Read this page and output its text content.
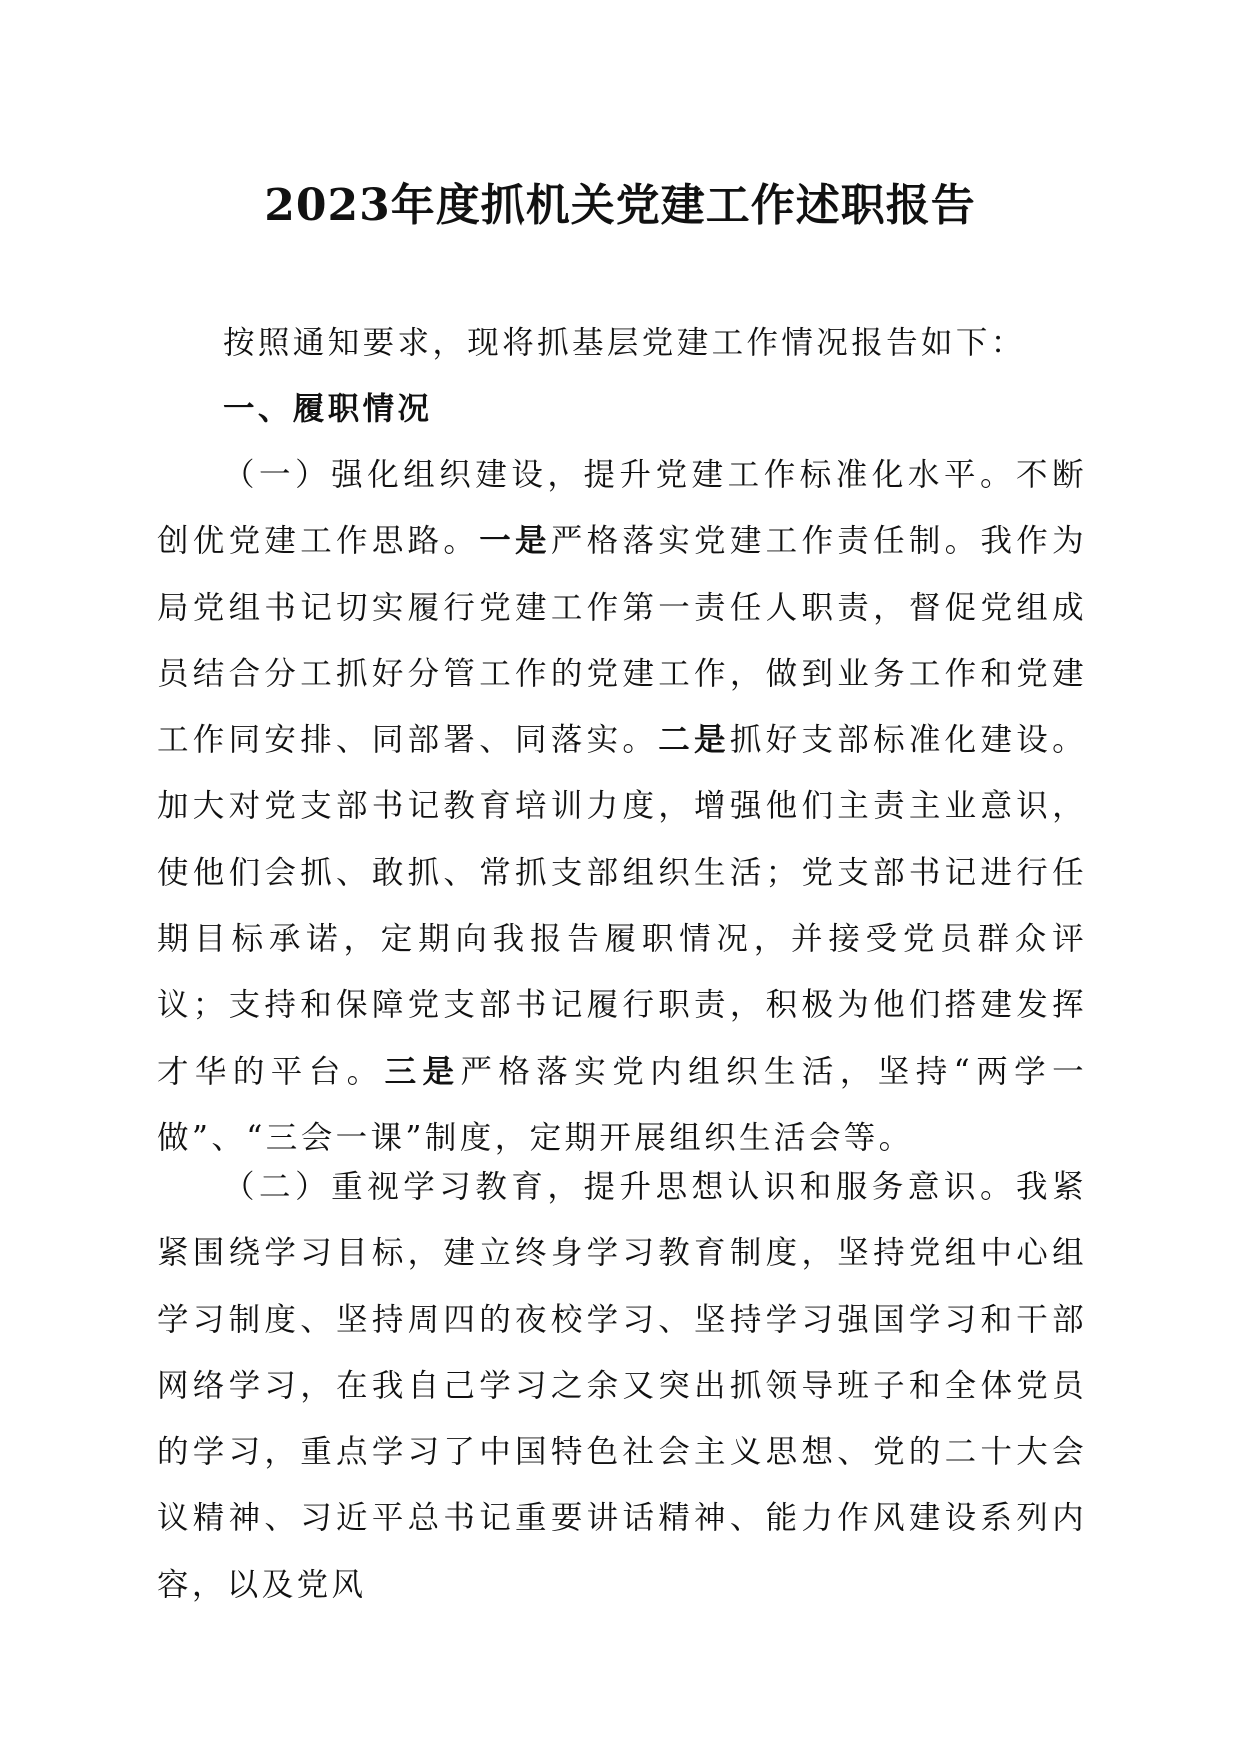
2023年度抓机关党建工作述职报告

按照通知要求，现将抓基层党建工作情况报告如下：

一、履职情况

（一）强化组织建设，提升党建工作标准化水平。不断创优党建工作思路。一是严格落实党建工作责任制。我作为局党组书记切实履行党建工作第一责任人职责，督促党组成员结合分工抓好分管工作的党建工作，做到业务工作和党建工作同安排、同部署、同落实。二是抓好支部标准化建设。加大对党支部书记教育培训力度，增强他们主责主业意识，使他们会抓、敢抓、常抓支部组织生活；党支部书记进行任期目标承诺，定期向我报告履职情况，并接受党员群众评议；支持和保障党支部书记履行职责，积极为他们搭建发挥才华的平台。三是严格落实党内组织生活，坚持“两学一做”、“三会一课”制度，定期开展组织生活会等。

（二）重视学习教育，提升思想认识和服务意识。我紧紧围绕学习目标，建立终身学习教育制度，坚持党组中心组学习制度、坚持周四的夜校学习、坚持学习强国学习和干部网络学习，在我自己学习之余又突出抓领导班子和全体党员的学习，重点学习了中国特色社会主义思想、党的二十大会议精神、习近平总书记重要讲话精神、能力作风建设系列内容，以及党风
